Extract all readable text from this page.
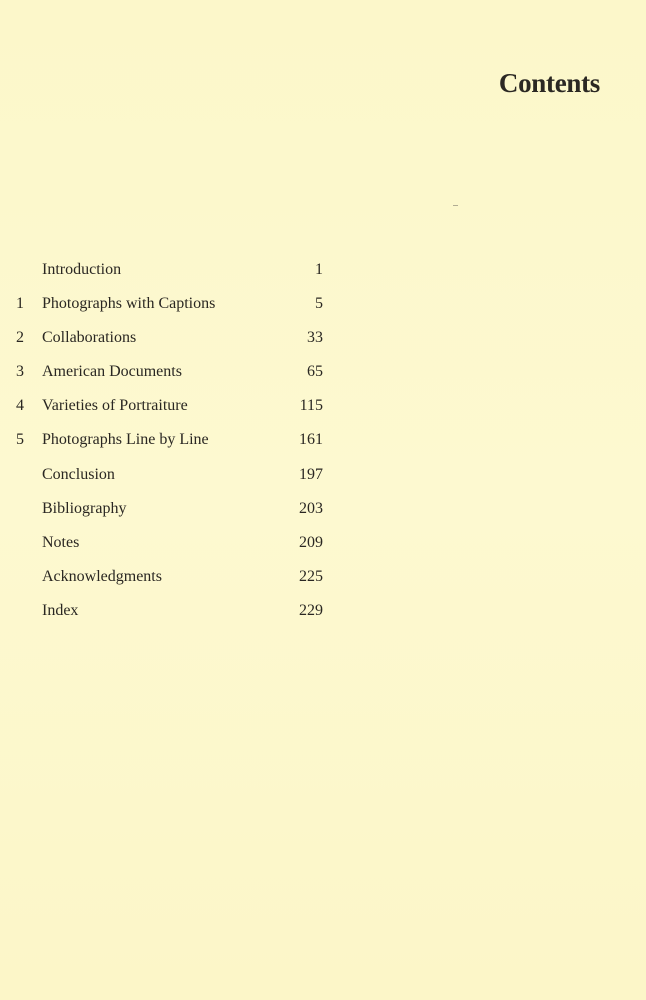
Contents
Introduction	1
1	Photographs with Captions	5
2	Collaborations	33
3	American Documents	65
4	Varieties of Portraiture	115
5	Photographs Line by Line	161
Conclusion	197
Bibliography	203
Notes	209
Acknowledgments	225
Index	229
